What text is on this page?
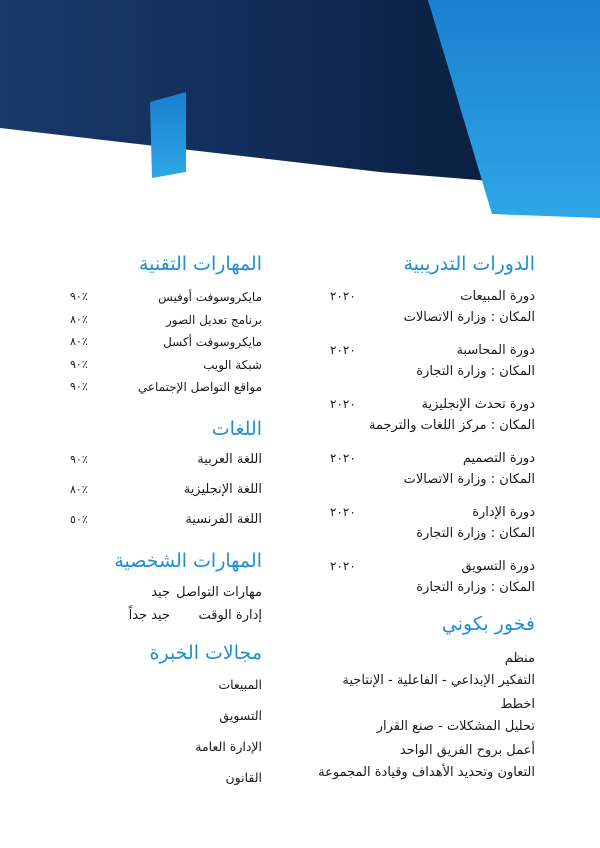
الدورات التدريبية
دورة المبيعات
٢٠٢٠
المكان : وزارة الاتصالات
دورة المحاسبة
٢٠٢٠
المكان : وزارة التجارة
دورة تحدث الإنجليزية
٢٠٢٠
المكان : مركز اللغات والترجمة
دورة التصميم
٢٠٢٠
المكان : وزارة الاتصالات
دورة الإدارة
٢٠٢٠
المكان : وزارة التجارة
دورة التسويق
٢٠٢٠
المكان : وزارة التجارة
فخور بكوني
منظم
التفكير الإبداعي - الفاعلية - الإنتاجية
اخطط
تحليل المشكلات - صنع القرار
أعمل بروح الفريق الواحد
التعاون وتحديد الأهداف وقيادة المجموعة
المهارات التقنية
مايكروسوفت أوفيس
٪٩٠
برنامج تعديل الصور
٪٨٠
مايكروسوفت أكسل
٪٨٠
شبكة الويب
٪٩٠
مواقع التواصل الإجتماعي
٪٩٠
اللغات
اللغة العربية
٪٩٠
اللغة الإنجليزية
٪٨٠
اللغة الفرنسية
٪٥٠
المهارات الشخصية
مهارات التواصل
جيد
إدارة الوقت
جيد جداً
مجالات الخبرة
المبيعات
التسويق
الإدارة العامة
القانون
